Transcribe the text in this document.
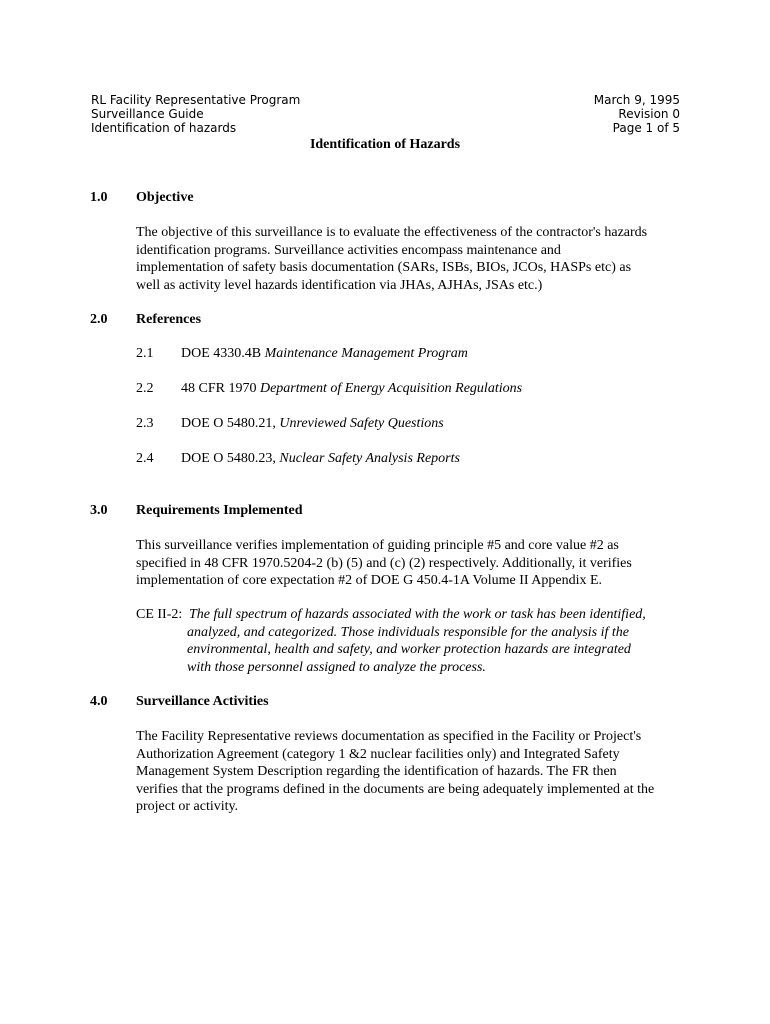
RL Facility Representative Program
Surveillance Guide
Identification of hazards
March 9, 1995
Revision 0
Page 1 of 5
Identification of Hazards
1.0 Objective
The objective of this surveillance is to evaluate the effectiveness of the contractor's hazards
identification programs. Surveillance activities encompass maintenance and
implementation of safety basis documentation (SARs, ISBs, BIOs, JCOs, HASPs etc) as
well as activity level hazards identification via JHAs, AJHAs, JSAs etc.)
2.0 References
2.1 DOE 4330.4B Maintenance Management Program
2.2 48 CFR 1970 Department of Energy Acquisition Regulations
2.3 DOE O 5480.21, Unreviewed Safety Questions
2.4 DOE O 5480.23, Nuclear Safety Analysis Reports
3.0 Requirements Implemented
This surveillance verifies implementation of guiding principle #5 and core value #2 as
specified in 48 CFR 1970.5204-2 (b) (5) and (c) (2) respectively. Additionally, it verifies
implementation of core expectation #2 of DOE G 450.4-1A Volume II Appendix E.
CE II-2: The full spectrum of hazards associated with the work or task has been identified,
analyzed, and categorized. Those individuals responsible for the analysis if the
environmental, health and safety, and worker protection hazards are integrated
with those personnel assigned to analyze the process.
4.0 Surveillance Activities
The Facility Representative reviews documentation as specified in the Facility or Project's
Authorization Agreement (category 1 &2 nuclear facilities only) and Integrated Safety
Management System Description regarding the identification of hazards. The FR then
verifies that the programs defined in the documents are being adequately implemented at the
project or activity.
